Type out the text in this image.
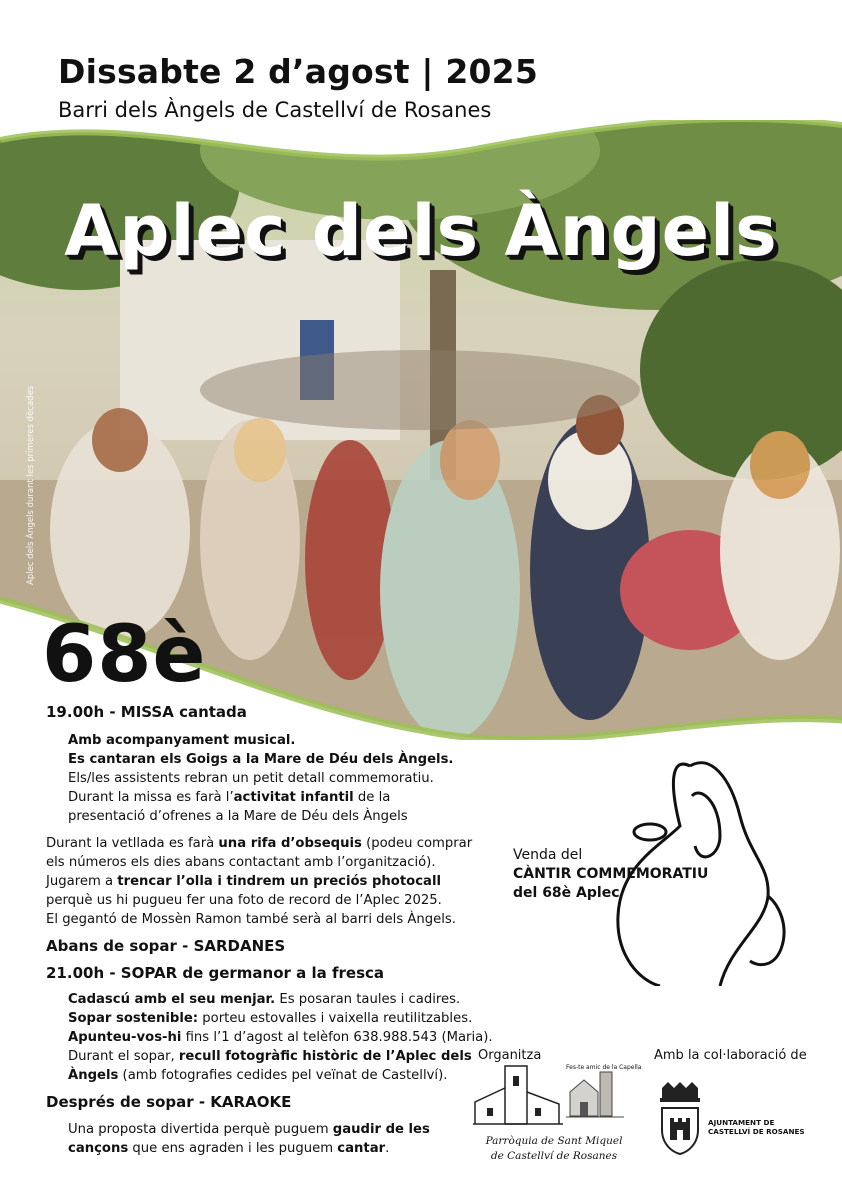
Dissabte 2 d’agost | 2025
Barri dels Àngels de Castellví de Rosanes
Aplec dels Àngels
Aplec dels Àngels durant les primeres dècades
68è
19.00h - MISSA cantada
Amb acompanyament musical.
Es cantaran els Goigs a la Mare de Déu dels Àngels.
Els/les assistents rebran un petit detall commemoratiu.
Durant la missa es farà l’activitat infantil de la
presentació d’ofrenes a la Mare de Déu dels Àngels
Durant la vetllada es farà una rifa d’obsequis (podeu comprar
els números els dies abans contactant amb l’organització).
Jugarem a trencar l’olla i tindrem un preciós photocall
perquè us hi pugueu fer una foto de record de l’Aplec 2025.
El gegantó de Mossèn Ramon també serà al barri dels Àngels.
Abans de sopar - SARDANES
21.00h - SOPAR de germanor a la fresca
Cadascú amb el seu menjar. Es posaran taules i cadires.
Sopar sostenible: porteu estovalles i vaixella reutilitzables.
Apunteu-vos-hi fins l’1 d’agost al telèfon 638.988.543 (Maria).
Durant el sopar, recull fotogràfic històric de l’Aplec dels
Àngels (amb fotografies cedides pel veïnat de Castellví).
Després de sopar - KARAOKE
Una proposta divertida perquè puguem gaudir de les
cançons que ens agraden i les puguem cantar.
Venda del
CÀNTIR COMMEMORATIU
del 68è Aplec
Organitza	Amb la col·laboració de
Fes-te amic de la Capella
Parròquia de Sant Miquel
de Castellví de Rosanes
AJUNTAMENT DE
CASTELLVÍ DE ROSANES
